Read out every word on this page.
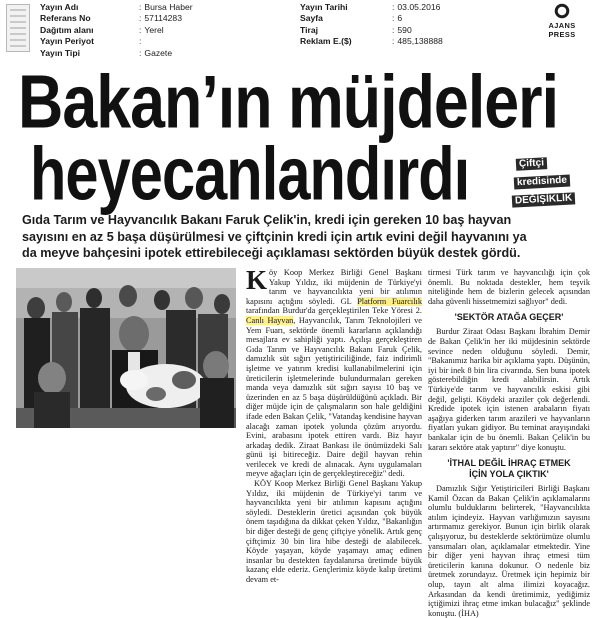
Yayın Adı	: Bursa Haber
Referans No	: 57114283
Dağıtım alanı	: Yerel
Yayın Periyot	:
Yayın Tipi	: Gazete
Yayın Tarihi	: 03.05.2016
Sayfa	: 6
Tiraj	: 590
Reklam E.($)	: 485,138888
AJANS PRESS
Bakan’ın müjdeleri
heyecanlandırdı	Çiftçi
kredisinde
DEĞİŞİKLİK
Gıda Tarım ve Hayvancılık Bakanı Faruk Çelik'in, kredi için gereken 10 baş hayvan
sayısını en az 5 başa düşürülmesi ve çiftçinin kredi için artık evini değil hayvanını ya
da meyve bahçesini ipotek ettirebileceği açıklaması sektörden büyük destek gördü.

Köy Koop Merkez Birliği Genel Başkanı Yakup Yıldız, iki müjdenin de Türkiye'yi tarım ve hayvancılıkta yeni bir atılımın kapısını açtığını söyledi. GL Platform Fuarcılık tarafından Burdur'da gerçekleştirilen Teke Yöresi 2. Canlı Hayvan, Hayvancılık, Tarım Teknolojileri ve Yem Fuarı, sektörde önemli kararların açıklandığı mesajlara ev sahipliği yaptı. Açılışı gerçekleştiren Gıda Tarım ve Hayvancılık Bakanı Faruk Çelik, damızlık süt sığırı yetiştiriciliğinde, faiz indirimli işletme ve yatırım kredisi kullanabilmelerini için üreticilerin işletmelerinde bulundurmaları gereken manda veya damızlık süt sığırı sayısı 10 baş ve üzerinden en az 5 başa düşürüldüğünü açıkladı. Bir diğer müjde için de çalışmaların son hale geldiğini ifade eden Bakan Çelik, "Vatandaş kendisine hayvan alacağı zaman ipotek yolunda çözüm arıyordu. Evini, arabasını ipotek ettiren vardı. Biz hayır arkadaş dedik. Ziraat Bankası ile önümüzdeki Salı günü işi bitireceğiz. Daire değil hayvan rehin verilecek ve kredi de alınacak. Aynı uygulamaları meyve ağaçları için de gerçekleştireceğiz" dedi.

KÖY Koop Merkez Birliği Genel Başkanı Yakup Yıldız, iki müjdenin de Türkiye'yi tarım ve hayvancılıkta yeni bir atılımın kapısını açtığını söyledi. Desteklerin üretici açısından çok büyük önem taşıdığına da dikkat çeken Yıldız, "Bakanlığın bir diğer desteği de genç çiftçiye yönelik. Artık genç çiftçimiz 30 bin lira hibe desteği de alabilecek. Köyde yaşayan, köyde yaşamayı amaç edinen insanlar bu destekten faydalanırsa üretimde büyük kazanç elde ederiz. Gençlerimiz köyde kalıp üretimi devam et-

tirmesi Türk tarım ve hayvancılığı için çok önemli. Bu noktada destekler, hem teşvik niteliğinde hem de bizlerin gelecek açısından daha güvenli hissetmemizi sağlıyor" dedi.

'SEKTÖR ATAĞA GEÇER'

Burdur Ziraat Odası Başkanı İbrahim Demir de Bakan Çelik'in her iki müjdesinin sektörde sevince neden olduğunu söyledi. Demir, "Bakanımız harika bir açıklama yaptı. Düşünün, iyi bir inek 8 bin lira civarında. Sen buna ipotek gösterebildiğin kredi alabilirsin. Artık Türkiye'de tarım ve hayvancılık eskisi gibi değil, gelişti. Köydeki araziler çok değerlendi. Kredide ipotek için istenen arabaların fiyatı aşağıya giderken tarım arazileri ve hayvanların fiyatları yukarı gidiyor. Bu teminat arayışındaki bankalar için de bu önemli. Bakan Çelik'in bu kararı sektöre atak yaptırır" diye konuştu.

'İTHAL DEĞİL İHRAÇ ETMEK
İÇİN YOLA ÇIKTIK'

Damızlık Sığır Yetiştiricileri Birliği Başkanı Kamil Özcan da Bakan Çelik'in açıklamalarını olumlu bulduklarını belirterek, "Hayvancılıkta atılım içindeyiz. Hayvan varlığımızın sayısını artırmamız gerekiyor. Bunun için birlik olarak çalışıyoruz, bu desteklerde sektörümüze olumlu yansımaları olan, açıklamalar etmektedir. Yine bir diğer yeni hayvan ihraç etmesi tüm üreticilerin kanına dokunur. O nedenle biz üretmek zorundayız. Üretmek için hepimiz bir olup, tayın alt alma ilimizi koyacağız. Arkasından da kendi üretimimiz, yediğimiz içtiğimizi ihraç etme imkan bulacağız" şeklinde konuştu. (İHA)
